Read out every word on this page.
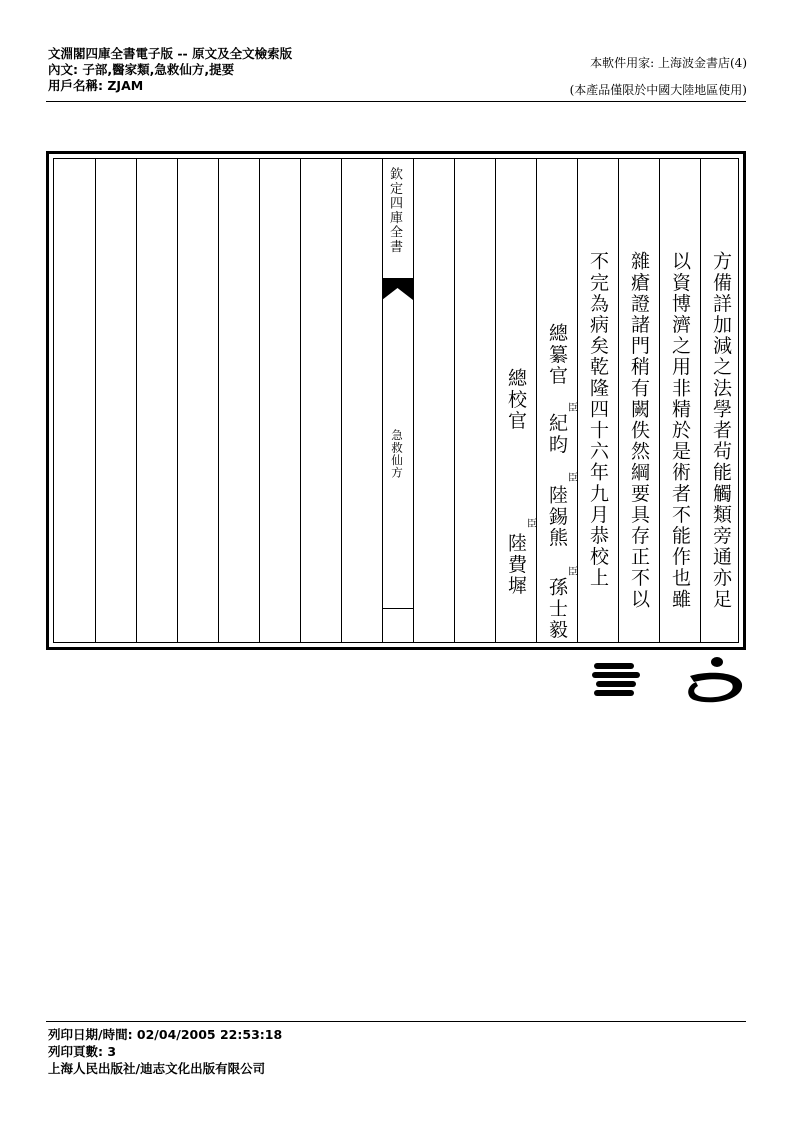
文淵閣四庫全書電子版 -- 原文及全文檢索版
內文: 子部,醫家類,急救仙方,提要
用戶名稱: ZJAM
本軟件用家: 上海波金書店(4)
(本產品僅限於中國大陸地區使用)
欽定四庫全書
急救仙方
總校官
臣
陸費墀
總纂官
臣
紀昀
臣
陸錫熊
臣
孫士毅
不完為病矣乾隆四十六年九月恭校上 雜瘡證諸門稍有闕佚然綱要具存正不以 以資博濟之用非精於是術者不能作也雖 方備詳加減之法學者茍能觸類旁通亦足
列印日期/時間: 02/04/2005 22:53:18
列印頁數: 3
上海人民出版社/迪志文化出版有限公司
